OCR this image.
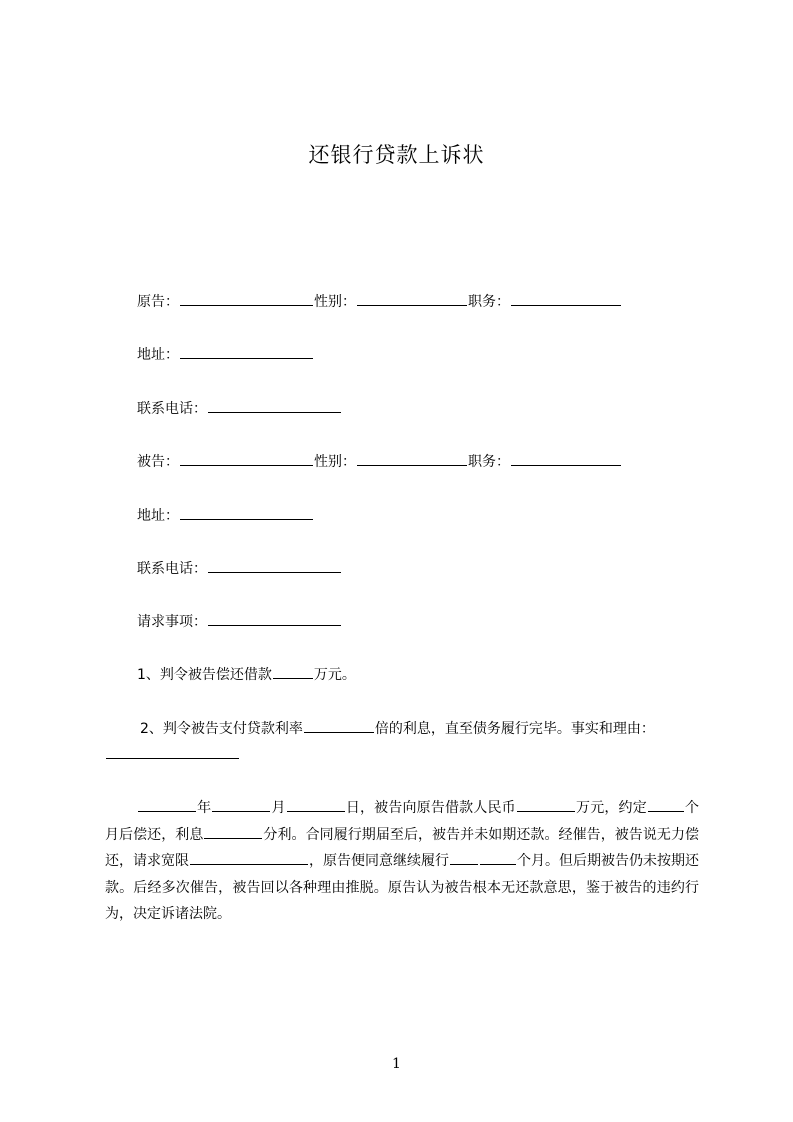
还银行贷款上诉状
原告：	性别：	职务：
地址：
联系电话：
被告：	性别：	职务：
地址：
联系电话：
请求事项：
1、判令被告偿还借款	万元。
2、判令被告支付贷款利率	倍的利息，直至债务履行完毕。事实和理由：
年	月	日，被告向原告借款人民币	万元，约定	个月后偿还，利息	分利。合同履行期届至后，被告并未如期还款。经催告，被告说无力偿还，请求宽限	，原告便同意继续履行	个月。但后期被告仍未按期还款。后经多次催告，被告回以各种理由推脱。原告认为被告根本无还款意思，鉴于被告的违约行为，决定诉诸法院。
1
